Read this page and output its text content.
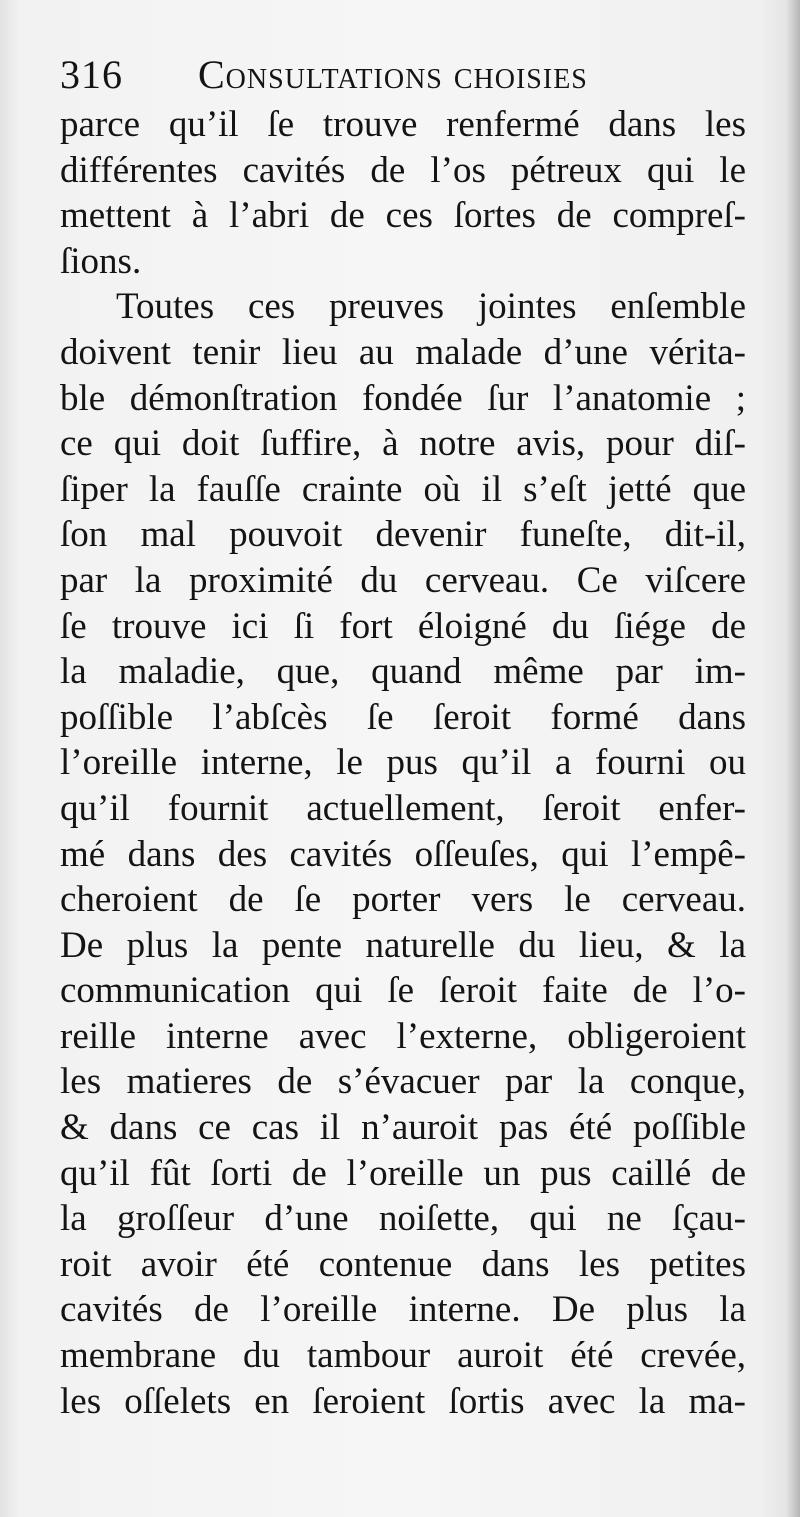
316 Consultations choisies
parce qu’il ſe trouve renfermé dans les
différentes cavités de l’os pétreux qui le
mettent à l’abri de ces ſortes de compreſ-
ſions.
Toutes ces preuves jointes enſemble
doivent tenir lieu au malade d’une vérita-
ble démonſtration fondée ſur l’anatomie ;
ce qui doit ſuffire, à notre avis, pour diſ-
ſiper la fauſſe crainte où il s’eſt jetté que
ſon mal pouvoit devenir funeſte, dit-il,
par la proximité du cerveau. Ce viſcere
ſe trouve ici ſi fort éloigné du ſiége de
la maladie, que, quand même par im-
poſſible l’abſcès ſe ſeroit formé dans
l’oreille interne, le pus qu’il a fourni ou
qu’il fournit actuellement, ſeroit enfer-
mé dans des cavités oſſeuſes, qui l’empê-
cheroient de ſe porter vers le cerveau.
De plus la pente naturelle du lieu, & la
communication qui ſe ſeroit faite de l’o-
reille interne avec l’externe, obligeroient
les matieres de s’évacuer par la conque,
& dans ce cas il n’auroit pas été poſſible
qu’il fût ſorti de l’oreille un pus caillé de
la groſſeur d’une noiſette, qui ne ſçau-
roit avoir été contenue dans les petites
cavités de l’oreille interne. De plus la
membrane du tambour auroit été crevée,
les oſſelets en ſeroient ſortis avec la ma-
